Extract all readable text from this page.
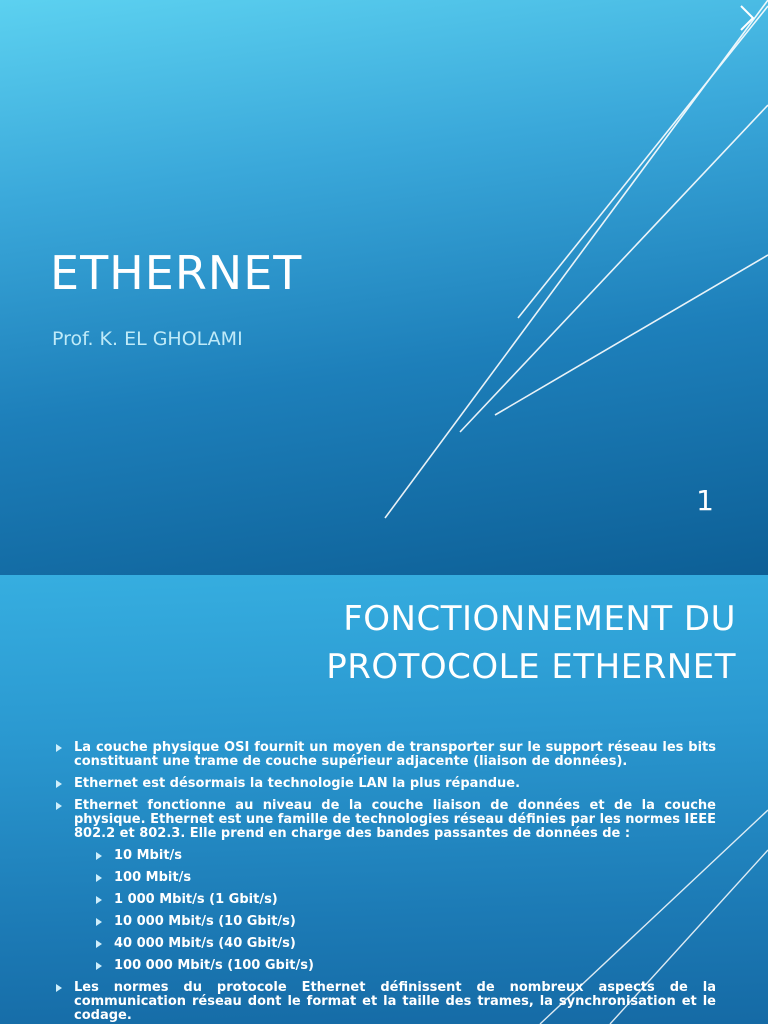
ETHERNET

Prof. K. EL GHOLAMI

1
FONCTIONNEMENT DU
PROTOCOLE ETHERNET
La couche physique OSI fournit un moyen de transporter sur le support réseau les bits constituant une trame de couche supérieur adjacente (liaison de données).
Ethernet est désormais la technologie LAN la plus répandue.
Ethernet fonctionne au niveau de la couche liaison de données et de la couche physique. Ethernet est une famille de technologies réseau définies par les normes IEEE 802.2 et 802.3. Elle prend en charge des bandes passantes de données de :
10 Mbit/s
100 Mbit/s
1 000 Mbit/s (1 Gbit/s)
10 000 Mbit/s (10 Gbit/s)
40 000 Mbit/s (40 Gbit/s)
100 000 Mbit/s (100 Gbit/s)
Les normes du protocole Ethernet définissent de nombreux aspects de la communication réseau dont le format et la taille des trames, la synchronisation et le codage.
